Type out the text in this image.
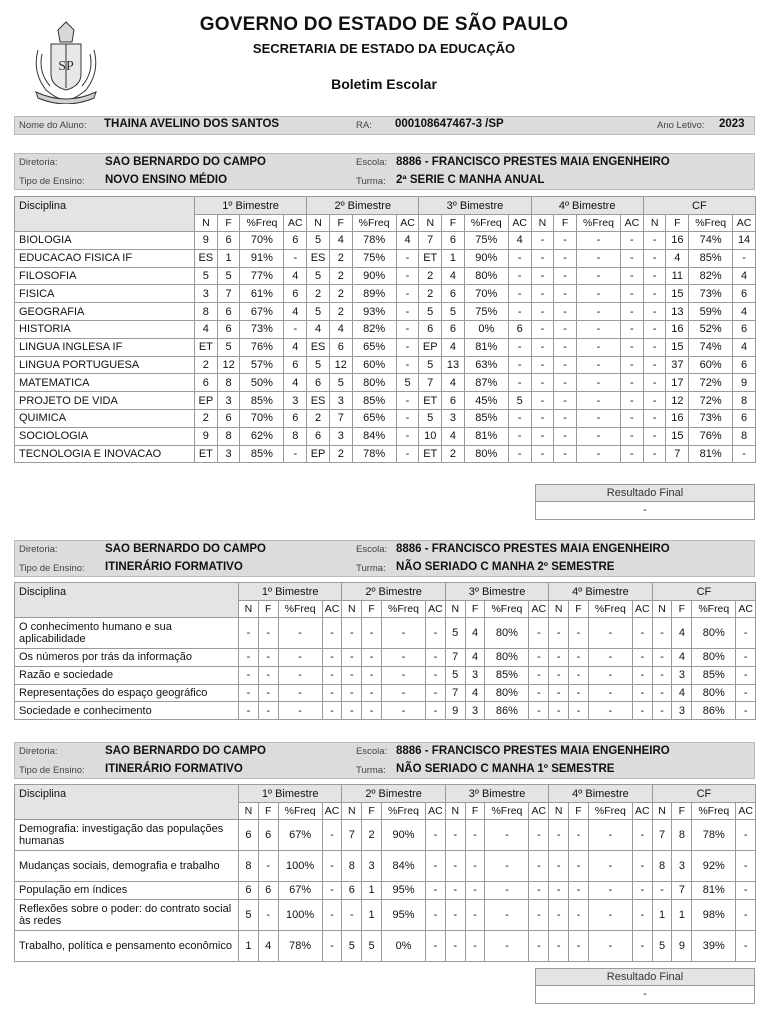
SP
GOVERNO DO ESTADO DE SÃO PAULO
SECRETARIA DE ESTADO DA EDUCAÇÃO
Boletim Escolar
Nome do Aluno: THAINA AVELINO DOS SANTOS	RA: 000108647467-3 /SP	Ano Letivo: 2023
Diretoria:	SAO BERNARDO DO CAMPO
Tipo de Ensino: NOVO ENSINO MÉDIO
Escola: 8886 - FRANCISCO PRESTES MAIA ENGENHEIRO
Turma: 2ª SERIE C MANHA ANUAL
Disciplina	1º Bimestre				2º Bimestre				3º Bimestre				4º Bimestre				CF			
	N	F	%Freq	AC	N	F	%Freq	AC	N	F	%Freq	AC	N	F	%Freq	AC	N	F	%Freq	AC
BIOLOGIA	9	6	70%	6	5	4	78%	4	7	6	75%	4	-	-	-	-	-	16	74%	14
EDUCACAO FISICA IF	ES	1	91%	-	ES	2	75%	-	ET	1	90%	-	-	-	-	-	-	4	85%	-
FILOSOFIA	5	5	77%	4	5	2	90%	-	2	4	80%	-	-	-	-	-	-	11	82%	4
FISICA	3	7	61%	6	2	2	89%	-	2	6	70%	-	-	-	-	-	-	15	73%	6
GEOGRAFIA	8	6	67%	4	5	2	93%	-	5	5	75%	-	-	-	-	-	-	13	59%	4
HISTORIA	4	6	73%	-	4	4	82%	-	6	6	0%	6	-	-	-	-	-	16	52%	6
LINGUA INGLESA IF	ET	5	76%	4	ES	6	65%	-	EP	4	81%	-	-	-	-	-	-	15	74%	4
LINGUA PORTUGUESA	2	12	57%	6	5	12	60%	-	5	13	63%	-	-	-	-	-	-	37	60%	6
MATEMATICA	6	8	50%	4	6	5	80%	5	7	4	87%	-	-	-	-	-	-	17	72%	9
PROJETO DE VIDA	EP	3	85%	3	ES	3	85%	-	ET	6	45%	5	-	-	-	-	-	12	72%	8
QUIMICA	2	6	70%	6	2	7	65%	-	5	3	85%	-	-	-	-	-	-	16	73%	6
SOCIOLOGIA	9	8	62%	8	6	3	84%	-	10	4	81%	-	-	-	-	-	-	15	76%	8
TECNOLOGIA E INOVACAO	ET	3	85%	-	EP	2	78%	-	ET	2	80%	-	-	-	-	-	-	7	81%	-
Resultado Final
-
Diretoria:	SAO BERNARDO DO CAMPO
Tipo de Ensino: ITINERÁRIO FORMATIVO
Escola: 8886 - FRANCISCO PRESTES MAIA ENGENHEIRO
Turma: NÃO SERIADO C MANHA 2º SEMESTRE
Disciplina	1º Bimestre				2º Bimestre				3º Bimestre				4º Bimestre				CF			
	N	F	%Freq	AC	N	F	%Freq	AC	N	F	%Freq	AC	N	F	%Freq	AC	N	F	%Freq	AC
O conhecimento humano e sua aplicabilidade	-	-	-	-	-	-	-	-	5	4	80%	-	-	-	-	-	-	4	80%	-
Os números por trás da informação	-	-	-	-	-	-	-	-	7	4	80%	-	-	-	-	-	-	4	80%	-
Razão e sociedade	-	-	-	-	-	-	-	-	5	3	85%	-	-	-	-	-	-	3	85%	-
Representações do espaço geográfico	-	-	-	-	-	-	-	-	7	4	80%	-	-	-	-	-	-	4	80%	-
Sociedade e conhecimento	-	-	-	-	-	-	-	-	9	3	86%	-	-	-	-	-	-	3	86%	-
Diretoria:	SAO BERNARDO DO CAMPO
Tipo de Ensino: ITINERÁRIO FORMATIVO
Escola: 8886 - FRANCISCO PRESTES MAIA ENGENHEIRO
Turma: NÃO SERIADO C MANHA 1º SEMESTRE
Disciplina	1º Bimestre				2º Bimestre				3º Bimestre				4º Bimestre				CF			
	N	F	%Freq	AC	N	F	%Freq	AC	N	F	%Freq	AC	N	F	%Freq	AC	N	F	%Freq	AC
Demografia: investigação das populações humanas	6	6	67%	-	7	2	90%	-	-	-	-	-	-	-	-	-	7	8	78%	-
Mudanças sociais, demografia e trabalho	8	-	100%	-	8	3	84%	-	-	-	-	-	-	-	-	-	8	3	92%	-
População em índices	6	6	67%	-	6	1	95%	-	-	-	-	-	-	-	-	-	-	7	81%	-
Reflexões sobre o poder: do contrato social às redes	5	-	100%	-	-	1	95%	-	-	-	-	-	-	-	-	-	1	1	98%	-
Trabalho, política e pensamento econômico	1	4	78%	-	5	5	0%	-	-	-	-	-	-	-	-	-	5	9	39%	-
Resultado Final
-
